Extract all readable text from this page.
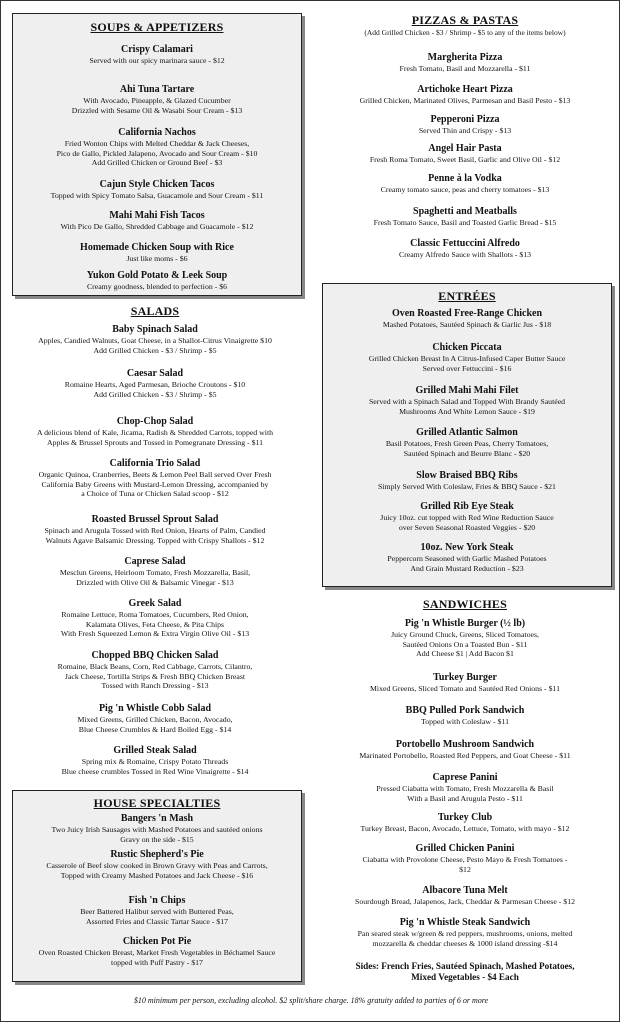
SOUPS & APPETIZERS
Crispy Calamari
Served with our spicy marinara sauce - $12
Ahi Tuna Tartare
With Avocado, Pineapple, & Glazed Cucumber
Drizzled with Sesame Oil & Wasabi Sour Cream - $13
California Nachos
Fried Wonton Chips with Melted Cheddar & Jack Cheeses,
Pico de Gallo, Pickled Jalapeno, Avocado and Sour Cream - $10
Add Grilled Chicken or Ground Beef - $3
Cajun Style Chicken Tacos
Topped with Spicy Tomato Salsa, Guacamole and Sour Cream - $11
Mahi Mahi Fish Tacos
With Pico De Gallo, Shredded Cabbage and Guacamole - $12
Homemade Chicken Soup with Rice
Just like moms - $6
Yukon Gold Potato & Leek Soup
Creamy goodness, blended to perfection - $6
SALADS
Baby Spinach Salad
Apples, Candied Walnuts, Goat Cheese, in a Shallot-Citrus Vinaigrette $10
Add Grilled Chicken - $3 / Shrimp - $5
Caesar Salad
Romaine Hearts, Aged Parmesan, Brioche Croutons - $10
Add Grilled Chicken - $3 / Shrimp - $5
Chop-Chop Salad
A delicious blend of Kale, Jicama, Radish & Shredded Carrots, topped with
Apples & Brussel Sprouts and Tossed in Pomegranate Dressing - $11
California Trio Salad
Organic Quinoa, Cranberries, Beets & Lemon Peel Ball served Over Fresh
California Baby Greens with Mustard-Lemon Dressing, accompanied by
a Choice of Tuna or Chicken Salad scoop - $12
Roasted Brussel Sprout Salad
Spinach and Arugula Tossed with Red Onion, Hearts of Palm, Candied
Walnuts Agave Balsamic Dressing. Topped with Crispy Shallots - $12
Caprese Salad
Mesclun Greens, Heirloom Tomato, Fresh Mozzarella, Basil,
Drizzled with Olive Oil & Balsamic Vinegar - $13
Greek Salad
Romaine Lettuce, Roma Tomatoes, Cucumbers, Red Onion,
Kalamata Olives, Feta Cheese, & Pita Chips
With Fresh Squeezed Lemon & Extra Virgin Olive Oil - $13
Chopped BBQ Chicken Salad
Romaine, Black Beans, Corn, Red Cabbage, Carrots, Cilantro,
Jack Cheese, Tortilla Strips & Fresh BBQ Chicken Breast
Tossed with Ranch Dressing - $13
Pig 'n Whistle Cobb Salad
Mixed Greens, Grilled Chicken, Bacon, Avocado,
Blue Cheese Crumbles & Hard Boiled Egg - $14
Grilled Steak Salad
Spring mix & Romaine, Crispy Potato Threads
Blue cheese crumbles Tossed in Red Wine Vinaigrette - $14
HOUSE SPECIALTIES
Bangers 'n Mash
Two Juicy Irish Sausages with Mashed Potatoes and sautéed onions
Gravy on the side - $15
Rustic Shepherd's Pie
Casserole of Beef slow cooked in Brown Gravy with Peas and Carrots,
Topped with Creamy Mashed Potatoes and Jack Cheese - $16
Fish 'n Chips
Beer Battered Halibut served with Buttered Peas,
Assorted Fries and Classic Tartar Sauce - $17
Chicken Pot Pie
Oven Roasted Chicken Breast, Market Fresh Vegetables in Béchamel Sauce
topped with Puff Pastry - $17
PIZZAS & PASTAS
(Add Grilled Chicken - $3 / Shrimp - $5 to any of the items below)
Margherita Pizza
Fresh Tomato, Basil and Mozzarella - $11
Artichoke Heart Pizza
Grilled Chicken, Marinated Olives, Parmesan and Basil Pesto - $13
Pepperoni Pizza
Served Thin and Crispy - $13
Angel Hair Pasta
Fresh Roma Tomato, Sweet Basil, Garlic and Olive Oil - $12
Penne à la Vodka
Creamy tomato sauce, peas and cherry tomatoes - $13
Spaghetti and Meatballs
Fresh Tomato Sauce, Basil and Toasted Garlic Bread - $15
Classic Fettuccini Alfredo
Creamy Alfredo Sauce with Shallots - $13
ENTRÉES
Oven Roasted Free-Range Chicken
Mashed Potatoes, Sautéed Spinach & Garlic Jus - $18
Chicken Piccata
Grilled Chicken Breast In A Citrus-Infused Caper Butter Sauce
Served over Fettuccini - $16
Grilled Mahi Mahi Filet
Served with a Spinach Salad and Topped With Brandy Sautéed
Mushrooms And White Lemon Sauce - $19
Grilled Atlantic Salmon
Basil Potatoes, Fresh Green Peas, Cherry Tomatoes,
Sautéed Spinach and Beurre Blanc - $20
Slow Braised BBQ Ribs
Simply Served With Coleslaw, Fries & BBQ Sauce - $21
Grilled Rib Eye Steak
Juicy 10oz. cut topped with Red Wine Reduction Sauce
over Seven Seasonal Roasted Veggies - $20
10oz. New York Steak
Peppercorn Seasoned with Garlic Mashed Potatoes
And Grain Mustard Reduction - $23
SANDWICHES
Pig 'n Whistle Burger (½ lb)
Juicy Ground Chuck, Greens, Sliced Tomatoes,
Sautéed Onions On a Toasted Bun - $11
Add Cheese $1 | Add Bacon $1
Turkey Burger
Mixed Greens, Sliced Tomato and Sautéed Red Onions - $11
BBQ Pulled Pork Sandwich
Topped with Coleslaw - $11
Portobello Mushroom Sandwich
Marinated Portobello, Roasted Red Peppers, and Goat Cheese - $11
Caprese Panini
Pressed Ciabatta with Tomato, Fresh Mozzarella & Basil
With a Basil and Arugula Pesto - $11
Turkey Club
Turkey Breast, Bacon, Avocado, Lettuce, Tomato, with mayo - $12
Grilled Chicken Panini
Ciabatta with Provolone Cheese, Pesto Mayo & Fresh Tomatoes -
$12
Albacore Tuna Melt
Sourdough Bread, Jalapenos, Jack, Cheddar & Parmesan Cheese - $12
Pig 'n Whistle Steak Sandwich
Pan seared steak w/green & red peppers, mushrooms, onions, melted
mozzarella & cheddar cheeses & 1000 island dressing -$14
Sides: French Fries, Sautéed Spinach, Mashed Potatoes,
Mixed Vegetables - $4 Each
$10 minimum per person, excluding alcohol. $2 split/share charge. 18% gratuity added to parties of 6 or more
